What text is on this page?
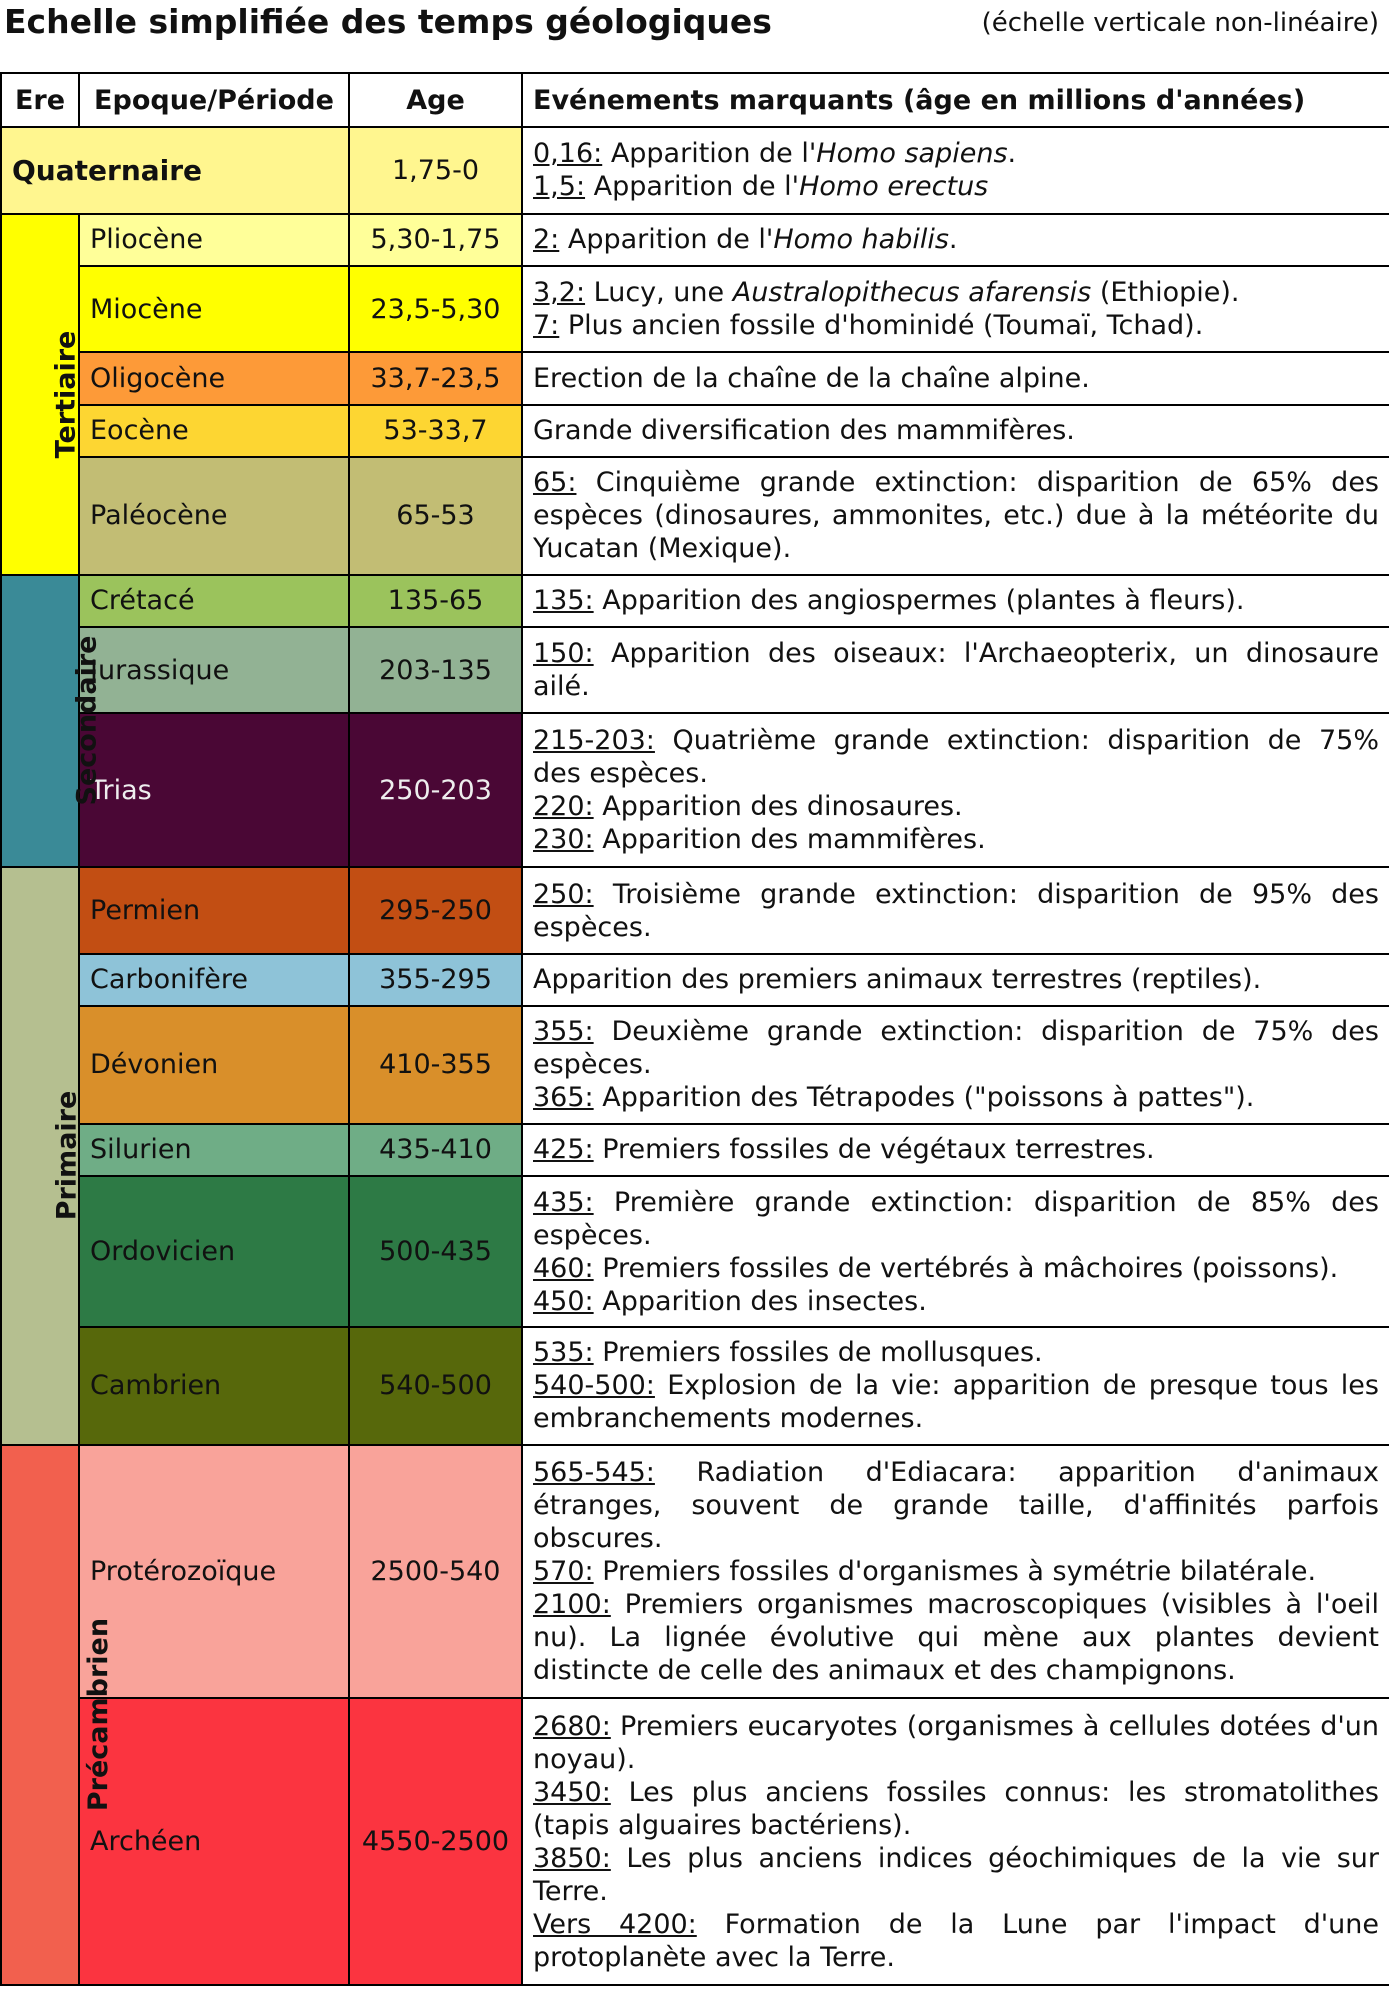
Echelle simplifiée des temps géologiques	(échelle verticale non-linéaire)
Ere	Epoque/Période	Age	Evénements marquants (âge en millions d'années)
Quaternaire		1,75-0	0,16: Apparition de l'Homo sapiens.
1,5: Apparition de l'Homo erectus

Tertiaire	Pliocène	5,30-1,75	2: Apparition de l'Homo habilis.

	Miocène	23,5-5,30	3,2: Lucy, une Australopithecus afarensis (Ethiopie).
7: Plus ancien fossile d'hominidé (Toumaï, Tchad).

	Oligocène	33,7-23,5	Erection de la chaîne de la chaîne alpine.

	Eocène	53-33,7	Grande diversification des mammifères.

	Paléocène	65-53	65: Cinquième grande extinction: disparition de 65% des espèces (dinosaures, ammonites, etc.) due à la météorite du Yucatan (Mexique).

Secondaire	Crétacé	135-65	135: Apparition des angiospermes (plantes à fleurs).

	Jurassique	203-135	150: Apparition des oiseaux: l'Archaeopterix, un dinosaure ailé.

	Trias	250-203	215-203: Quatrième grande extinction: disparition de 75% des espèces.
220: Apparition des dinosaures.
230: Apparition des mammifères.

Primaire	Permien	295-250	250: Troisième grande extinction: disparition de 95% des espèces.

	Carbonifère	355-295	Apparition des premiers animaux terrestres (reptiles).

	Dévonien	410-355	355: Deuxième grande extinction: disparition de 75% des espèces.
365: Apparition des Tétrapodes ("poissons à pattes").

	Silurien	435-410	425: Premiers fossiles de végétaux terrestres.

	Ordovicien	500-435	435: Première grande extinction: disparition de 85% des espèces.
460: Premiers fossiles de vertébrés à mâchoires (poissons).
450: Apparition des insectes.

	Cambrien	540-500	535: Premiers fossiles de mollusques.
540-500: Explosion de la vie: apparition de presque tous les embranchements modernes.

Précambrien	Protérozoïque	2500-540	565-545: Radiation d'Ediacara: apparition d'animaux étranges, souvent de grande taille, d'affinités parfois obscures.
570: Premiers fossiles d'organismes à symétrie bilatérale.
2100: Premiers organismes macroscopiques (visibles à l'oeil nu). La lignée évolutive qui mène aux plantes devient distincte de celle des animaux et des champignons.

	Archéen	4550-2500	2680: Premiers eucaryotes (organismes à cellules dotées d'un noyau).
3450: Les plus anciens fossiles connus: les stromatolithes (tapis alguaires bactériens).
3850: Les plus anciens indices géochimiques de la vie sur Terre.
Vers 4200: Formation de la Lune par l'impact d'une protoplanète avec la Terre.
